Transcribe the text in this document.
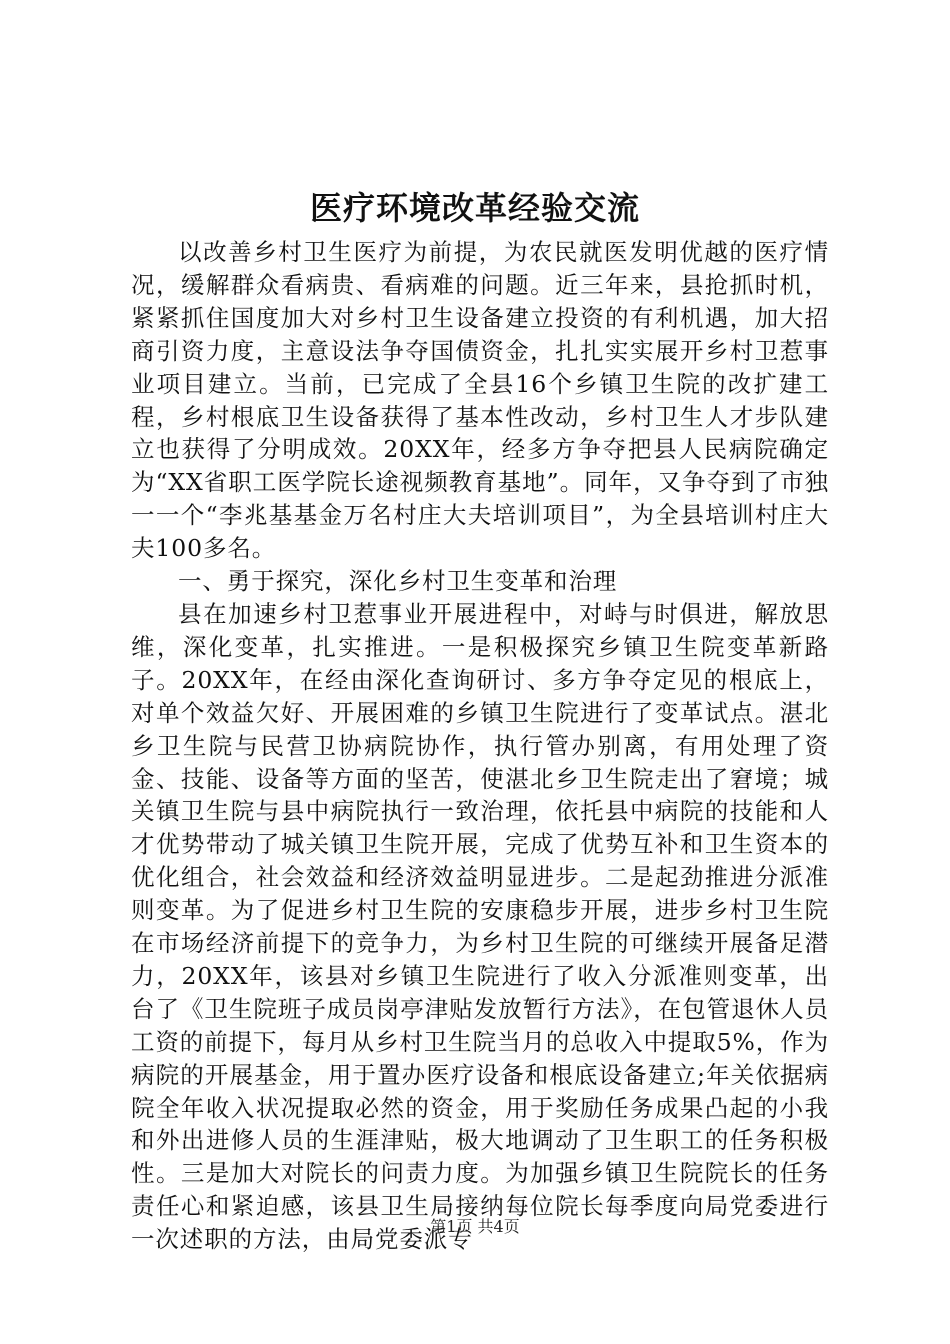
医疗环境改革经验交流

以改善乡村卫生医疗为前提，为农民就医发明优越的医疗情况，缓解群众看病贵、看病难的问题。近三年来，县抢抓时机，紧紧抓住国度加大对乡村卫生设备建立投资的有利机遇，加大招商引资力度，主意设法争夺国债资金，扎扎实实展开乡村卫惹事业项目建立。当前，已完成了全县16个乡镇卫生院的改扩建工程，乡村根底卫生设备获得了基本性改动，乡村卫生人才步队建立也获得了分明成效。20XX年，经多方争夺把县人民病院确定为“XX省职工医学院长途视频教育基地”。同年，又争夺到了市独一一个“李兆基基金万名村庄大夫培训项目”，为全县培训村庄大夫100多名。

一、勇于探究，深化乡村卫生变革和治理

县在加速乡村卫惹事业开展进程中，对峙与时俱进，解放思维，深化变革，扎实推进。一是积极探究乡镇卫生院变革新路子。20XX年，在经由深化查询研讨、多方争夺定见的根底上，对单个效益欠好、开展困难的乡镇卫生院进行了变革试点。湛北乡卫生院与民营卫协病院协作，执行管办别离，有用处理了资金、技能、设备等方面的坚苦，使湛北乡卫生院走出了窘境；城关镇卫生院与县中病院执行一致治理，依托县中病院的技能和人才优势带动了城关镇卫生院开展，完成了优势互补和卫生资本的优化组合，社会效益和经济效益明显进步。二是起劲推进分派准则变革。为了促进乡村卫生院的安康稳步开展，进步乡村卫生院在市场经济前提下的竞争力，为乡村卫生院的可继续开展备足潜力，20XX年，该县对乡镇卫生院进行了收入分派准则变革，出台了《卫生院班子成员岗亭津贴发放暂行方法》，在包管退休人员工资的前提下，每月从乡村卫生院当月的总收入中提取5%，作为病院的开展基金，用于置办医疗设备和根底设备建立;年关依据病院全年收入状况提取必然的资金，用于奖励任务成果凸起的小我和外出进修人员的生涯津贴，极大地调动了卫生职工的任务积极性。三是加大对院长的问责力度。为加强乡镇卫生院院长的任务责任心和紧迫感，该县卫生局接纳每位院长每季度向局党委进行一次述职的方法，由局党委派专

第1页 共4页
